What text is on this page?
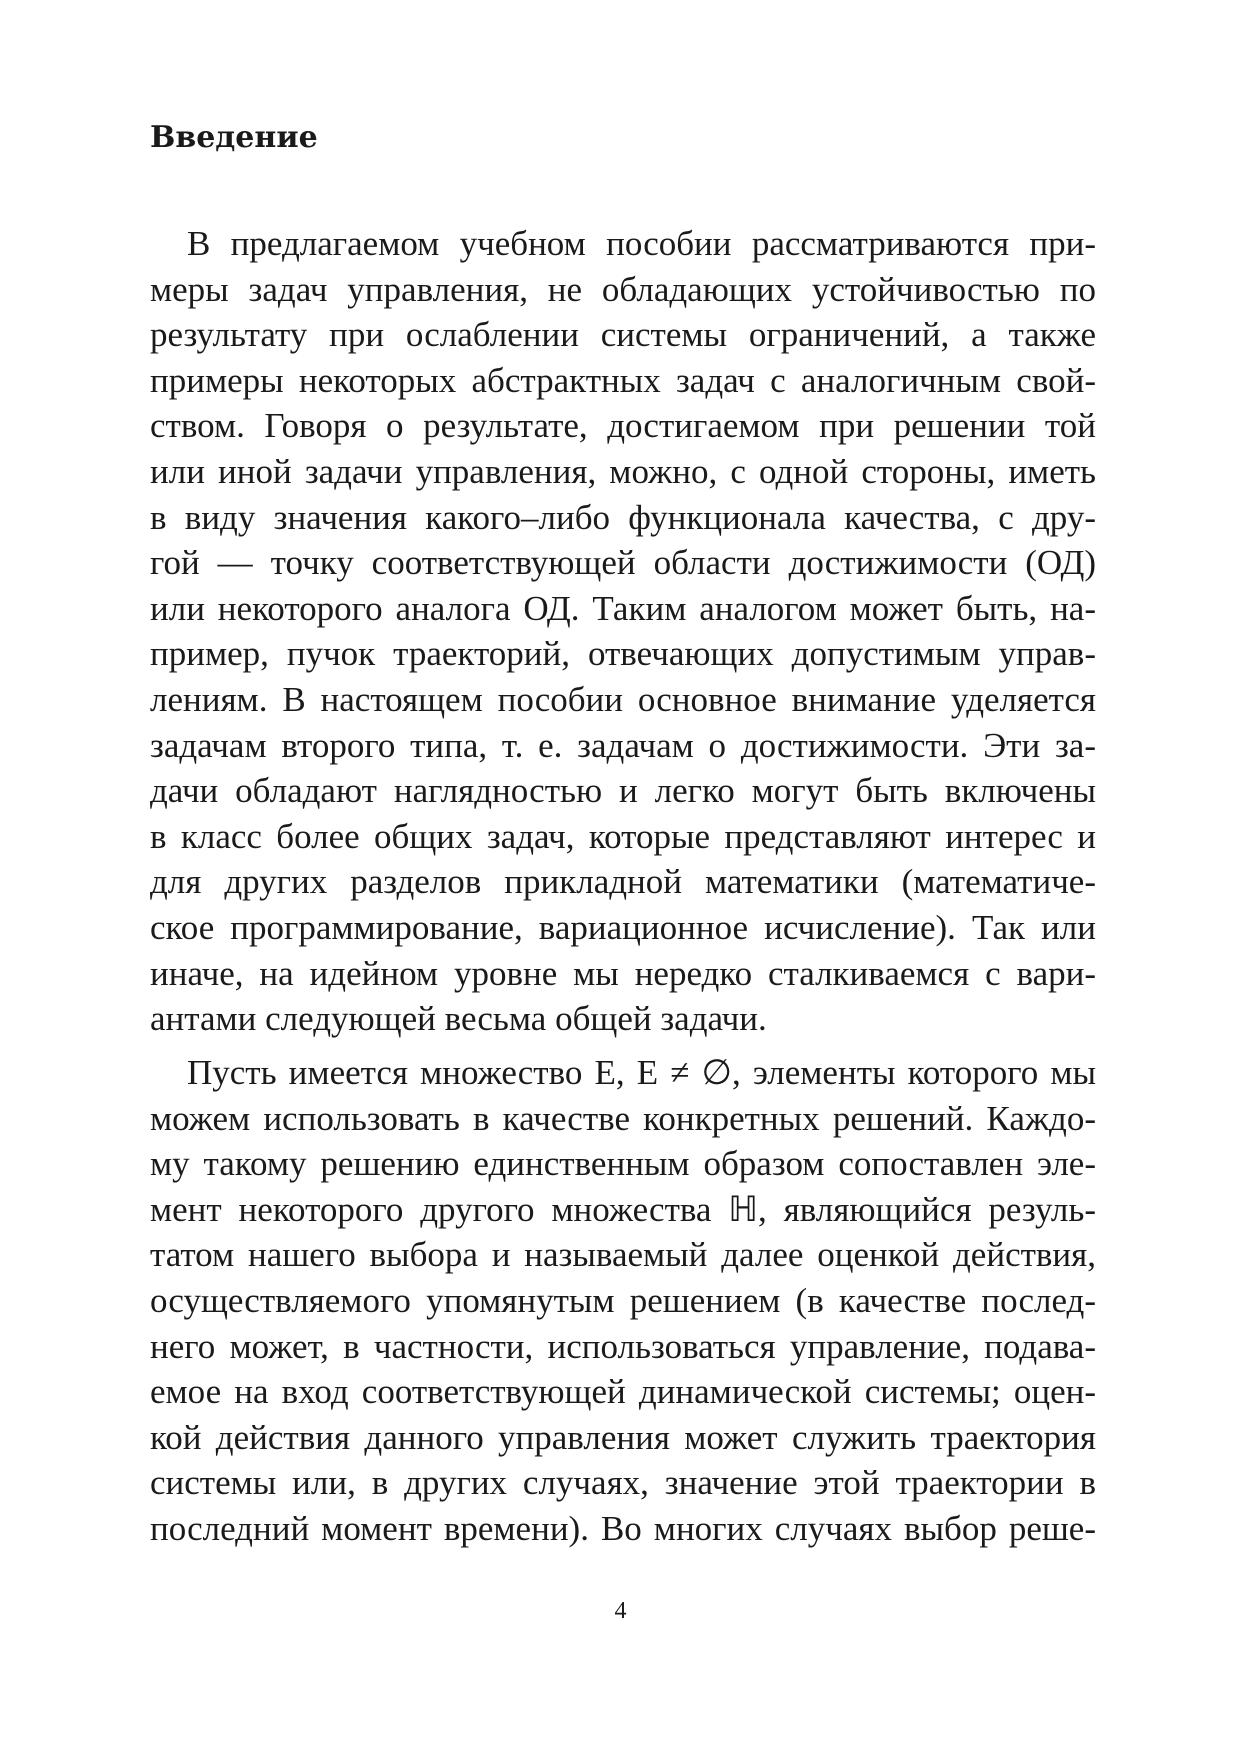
Введение
В предлагаемом учебном пособии рассматриваются при-
меры задач управления, не обладающих устойчивостью по
результату при ослаблении системы ограничений, а также
примеры некоторых абстрактных задач с аналогичным свой-
ством. Говоря о результате, достигаемом при решении той
или иной задачи управления, можно, с одной стороны, иметь
в виду значения какого–либо функционала качества, с дру-
гой — точку соответствующей области достижимости (ОД)
или некоторого аналога ОД. Таким аналогом может быть, на-
пример, пучок траекторий, отвечающих допустимым управ-
лениям. В настоящем пособии основное внимание уделяется
задачам второго типа, т. е. задачам о достижимости. Эти за-
дачи обладают наглядностью и легко могут быть включены
в класс более общих задач, которые представляют интерес и
для других разделов прикладной математики (математиче-
ское программирование, вариационное исчисление). Так или
иначе, на идейном уровне мы нередко сталкиваемся с вари-
антами следующей весьма общей задачи.
Пусть имеется множество E, E ≠ ∅, элементы которого мы
можем использовать в качестве конкретных решений. Каждо-
му такому решению единственным образом сопоставлен эле-
мент некоторого другого множества ℍ, являющийся резуль-
татом нашего выбора и называемый далее оценкой действия,
осуществляемого упомянутым решением (в качестве послед-
него может, в частности, использоваться управление, подава-
емое на вход соответствующей динамической системы; оцен-
кой действия данного управления может служить траектория
системы или, в других случаях, значение этой траектории в
последний момент времени). Во многих случаях выбор реше-
4
